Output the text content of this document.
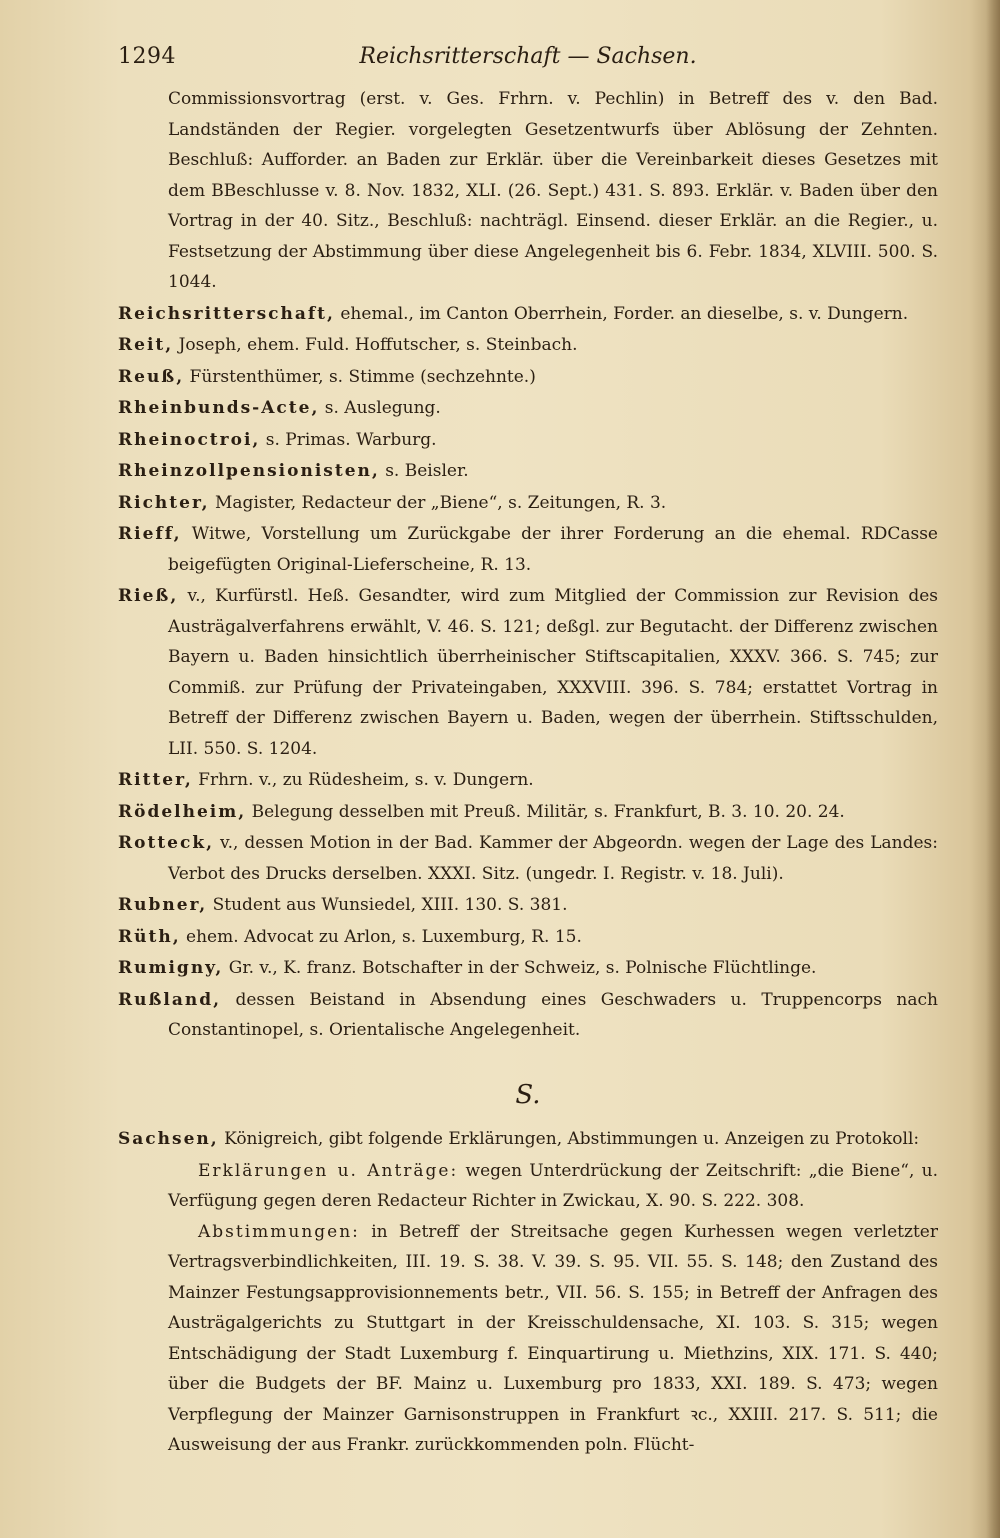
1294	Reichsritterschaft — Sachsen.

Commissionsvortrag (erst. v. Ges. Frhrn. v. Pechlin) in Betreff des v. den Bad. Landständen der Regier. vorgelegten Gesetzentwurfs über Ablösung der Zehnten. Beschluß: Aufforder. an Baden zur Erklär. über die Vereinbarkeit dieses Gesetzes mit dem BBeschlusse v. 8. Nov. 1832, XLI. (26. Sept.) 431. S. 893. Erklär. v. Baden über den Vortrag in der 40. Sitz., Beschluß: nachträgl. Einsend. dieser Erklär. an die Regier., u. Festsetzung der Abstimmung über diese Angelegenheit bis 6. Febr. 1834, XLVIII. 500. S. 1044.

Reichsritterschaft, ehemal., im Canton Oberrhein, Forder. an dieselbe, s. v. Dungern.

Reit, Joseph, ehem. Fuld. Hoffutscher, s. Steinbach.

Reuß, Fürstenthümer, s. Stimme (sechzehnte.)

Rheinbunds-Acte, s. Auslegung.

Rheinoctroi, s. Primas. Warburg.

Rheinzollpensionisten, s. Beisler.

Richter, Magister, Redacteur der „Biene“, s. Zeitungen, R. 3.

Rieff, Witwe, Vorstellung um Zurückgabe der ihrer Forderung an die ehemal. RDCasse beigefügten Original-Lieferscheine, R. 13.

Rieß, v., Kurfürstl. Heß. Gesandter, wird zum Mitglied der Commission zur Revision des Austrägalverfahrens erwählt, V. 46. S. 121; deßgl. zur Begutacht. der Differenz zwischen Bayern u. Baden hinsichtlich überrheinischer Stiftscapitalien, XXXV. 366. S. 745; zur Commiß. zur Prüfung der Privateingaben, XXXVIII. 396. S. 784; erstattet Vortrag in Betreff der Differenz zwischen Bayern u. Baden, wegen der überrhein. Stiftsschulden, LII. 550. S. 1204.

Ritter, Frhrn. v., zu Rüdesheim, s. v. Dungern.

Rödelheim, Belegung desselben mit Preuß. Militär, s. Frankfurt, B. 3. 10. 20. 24.

Rotteck, v., dessen Motion in der Bad. Kammer der Abgeordn. wegen der Lage des Landes: Verbot des Drucks derselben. XXXI. Sitz. (ungedr. I. Registr. v. 18. Juli).

Rubner, Student aus Wunsiedel, XIII. 130. S. 381.

Rüth, ehem. Advocat zu Arlon, s. Luxemburg, R. 15.

Rumigny, Gr. v., K. franz. Botschafter in der Schweiz, s. Polnische Flüchtlinge.

Rußland, dessen Beistand in Absendung eines Geschwaders u. Truppencorps nach Constantinopel, s. Orientalische Angelegenheit.

S.

Sachsen, Königreich, gibt folgende Erklärungen, Abstimmungen u. Anzeigen zu Protokoll:

Erklärungen u. Anträge: wegen Unterdrückung der Zeitschrift: „die Biene“, u. Verfügung gegen deren Redacteur Richter in Zwickau, X. 90. S. 222. 308.

Abstimmungen: in Betreff der Streitsache gegen Kurhessen wegen verletzter Vertragsverbindlichkeiten, III. 19. S. 38. V. 39. S. 95. VII. 55. S. 148; den Zustand des Mainzer Festungsapprovisionnements betr., VII. 56. S. 155; in Betreff der Anfragen des Austrägalgerichts zu Stuttgart in der Kreisschuldensache, XI. 103. S. 315; wegen Entschädigung der Stadt Luxemburg f. Einquartirung u. Miethzins, XIX. 171. S. 440; über die Budgets der BF. Mainz u. Luxemburg pro 1833, XXI. 189. S. 473; wegen Verpflegung der Mainzer Garnisonstruppen in Frankfurt ꝛc., XXIII. 217. S. 511; die Ausweisung der aus Frankr. zurückkommenden poln. Flücht-
